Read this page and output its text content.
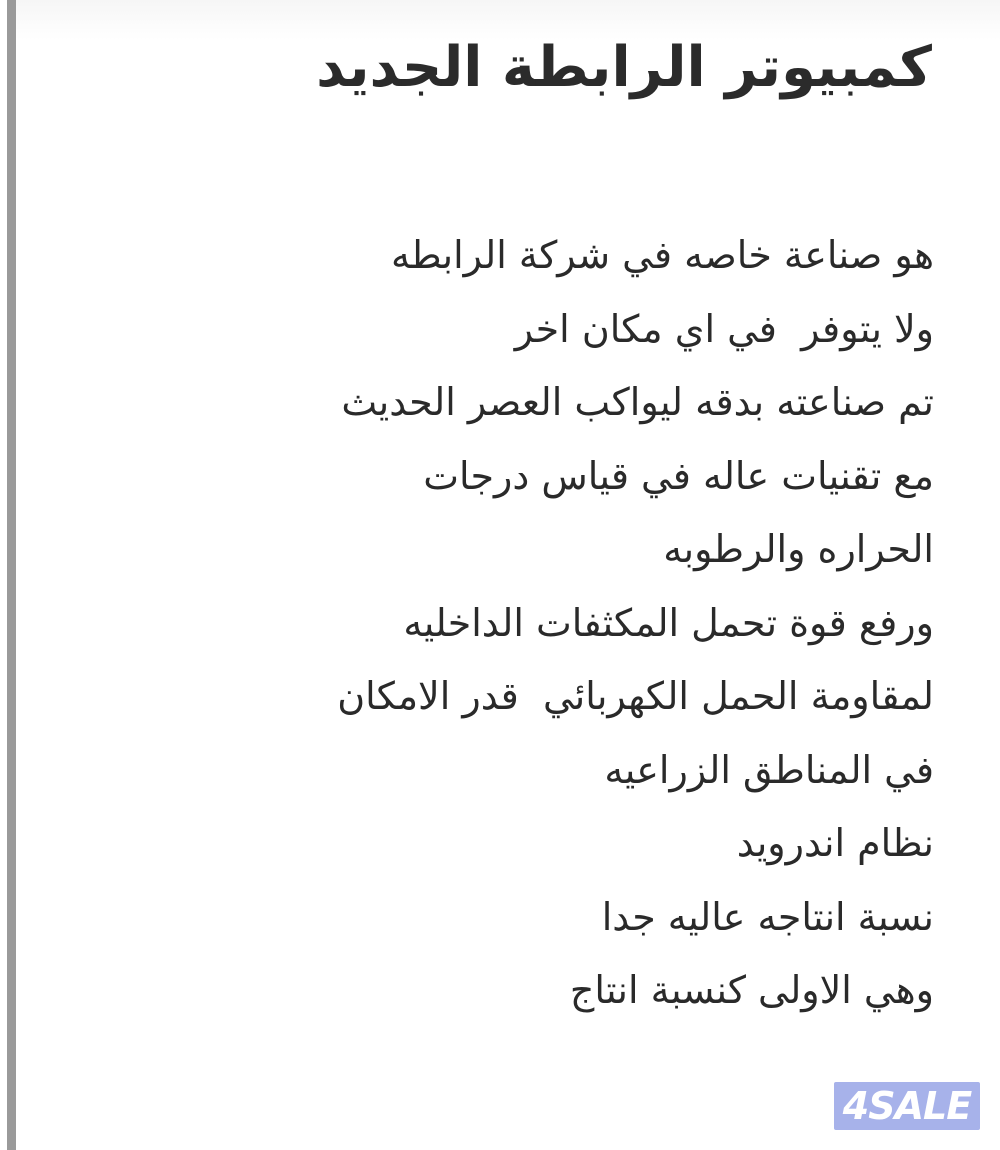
كمبيوتر الرابطة الجديد
هو صناعة خاصه في شركة الرابطه
ولا يتوفر  في اي مكان اخر
تم صناعته بدقه ليواكب العصر الحديث
مع تقنيات عاله في قياس درجات
الحراره والرطوبه
ورفع قوة تحمل المكثفات الداخليه
لمقاومة الحمل الكهربائي  قدر الامكان
في المناطق الزراعيه
نظام اندرويد
نسبة انتاجه عاليه جدا
وهي الاولى كنسبة انتاج
4SALE
